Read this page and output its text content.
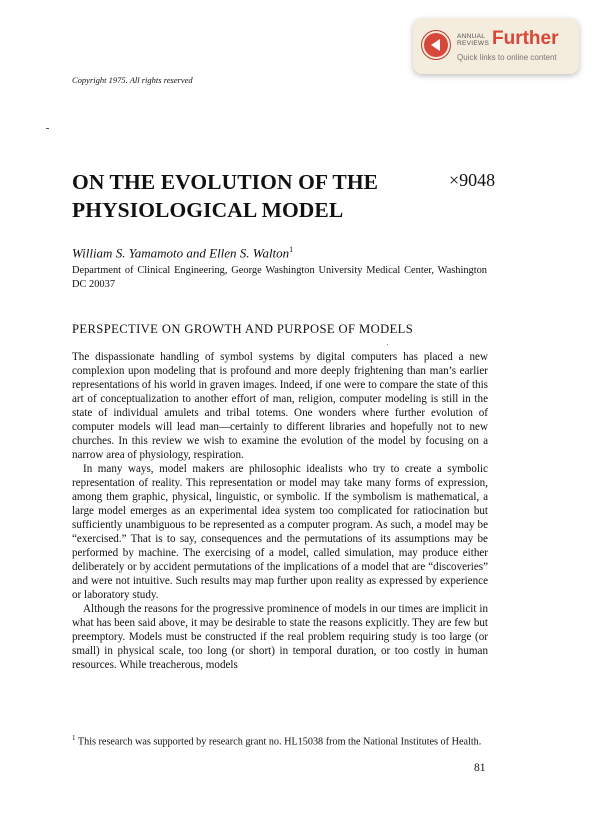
ANNUAL
REVIEWS Further
Quick links to online content
Copyright 1975. All rights reserved
ON THE EVOLUTION OF THE
PHYSIOLOGICAL MODEL
×9048
William S. Yamamoto and Ellen S. Walton$^1$
Department of Clinical Engineering, George Washington University Medical Center, Washington DC 20037
PERSPECTIVE ON GROWTH AND PURPOSE OF MODELS

The dispassionate handling of symbol systems by digital computers has placed a new complexion upon modeling that is profound and more deeply frightening than man’s earlier representations of his world in graven images. Indeed, if one were to compare the state of this art of conceptualization to another effort of man, religion, computer modeling is still in the state of individual amulets and tribal totems. One wonders where further evolution of computer models will lead man—certainly to different libraries and hopefully not to new churches. In this review we wish to examine the evolution of the model by focusing on a narrow area of physiology, respiration.

In many ways, model makers are philosophic idealists who try to create a symbolic representation of reality. This representation or model may take many forms of expression, among them graphic, physical, linguistic, or symbolic. If the symbolism is mathematical, a large model emerges as an experimental idea system too complicated for ratiocination but sufficiently unambiguous to be represented as a computer program. As such, a model may be “exercised.” That is to say, consequences and the permutations of its assumptions may be performed by machine. The exercising of a model, called simulation, may produce either deliberately or by accident permutations of the implications of a model that are “discoveries” and were not intuitive. Such results may map further upon reality as expressed by experience or laboratory study.

Although the reasons for the progressive prominence of models in our times are implicit in what has been said above, it may be desirable to state the reasons explicitly. They are few but preemptory. Models must be constructed if the real problem requiring study is too large (or small) in physical scale, too long (or short) in temporal duration, or too costly in human resources. While treacherous, models

$^1$ This research was supported by research grant no. HL15038 from the National Institutes of Health.
81
